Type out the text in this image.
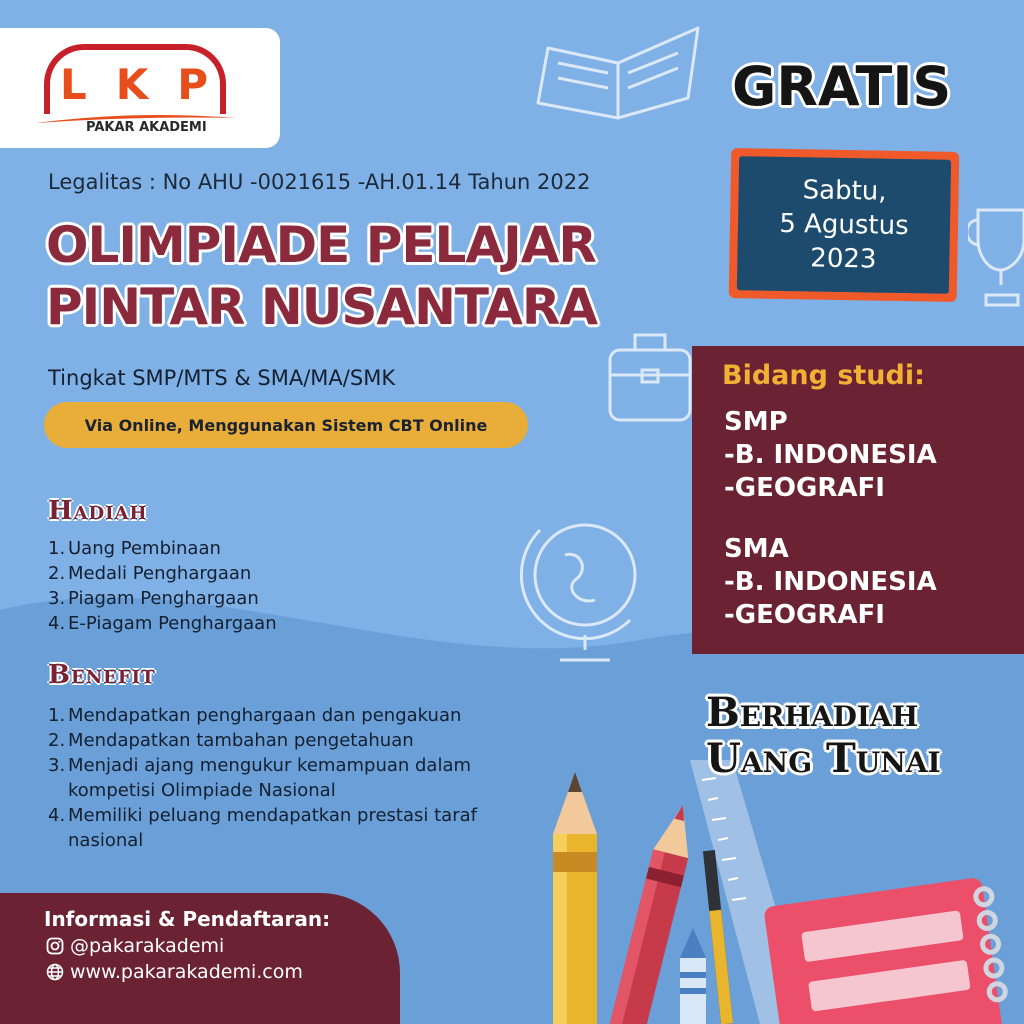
L K P
PAKAR AKADEMI
Legalitas : No AHU -0021615 -AH.01.14 Tahun 2022
OLIMPIADE PELAJAR
PINTAR NUSANTARA
Tingkat SMP/MTS & SMA/MA/SMK
Via Online, Menggunakan Sistem CBT Online
Hadiah
1. Uang Pembinaan
2. Medali Penghargaan
3. Piagam Penghargaan
4. E-Piagam Penghargaan
Benefit
1. Mendapatkan penghargaan dan pengakuan
2. Mendapatkan tambahan pengetahuan
3. Menjadi ajang mengukur kemampuan dalam kompetisi Olimpiade Nasional
4. Memiliki peluang mendapatkan prestasi taraf nasional
GRATIS
Sabtu,
5 Agustus
2023
Bidang studi:
SMP
-B. INDONESIA
-GEOGRAFI
SMA
-B. INDONESIA
-GEOGRAFI
Berhadiah
Uang Tunai
Informasi & Pendaftaran:
@pakarakademi
www.pakarakademi.com
